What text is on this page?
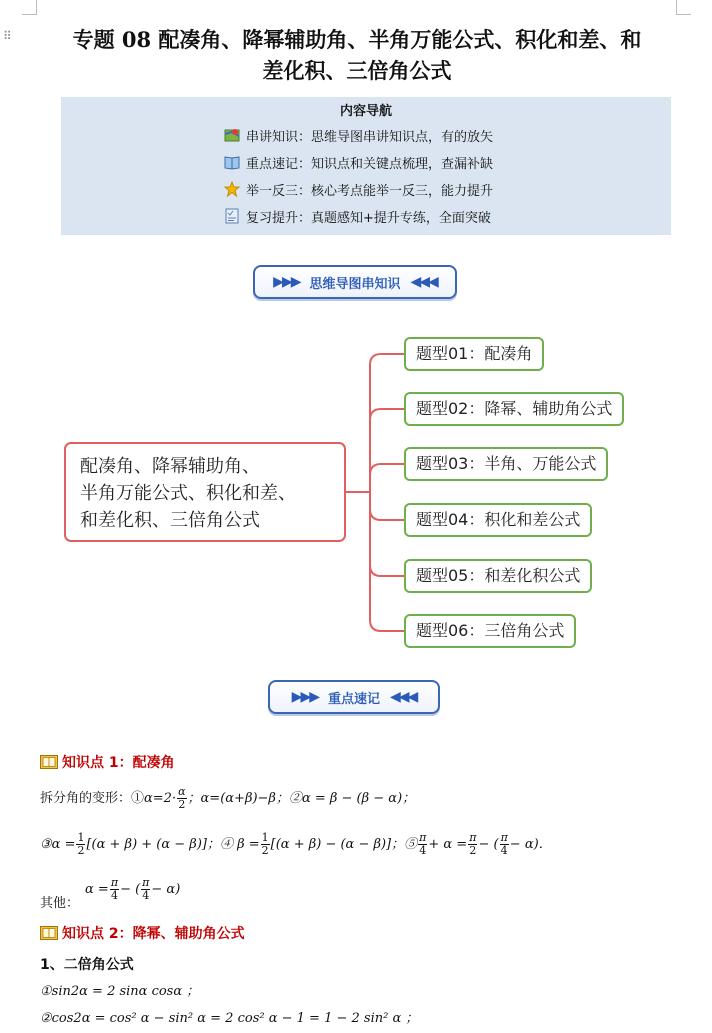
⠿	专题 08 配凑角、降幂辅助角、半角万能公式、积化和差、和
差化积、三倍角公式
内容导航
串讲知识：思维导图串讲知识点，有的放矢
重点速记：知识点和关键点梳理，查漏补缺
举一反三：核心考点能举一反三，能力提升
复习提升：真题感知+提升专练，全面突破
▶▶▶ 思维导图串知识 ◀◀◀
配凑角、降幂辅助角、
半角万能公式、积化和差、
和差化积、三倍角公式
题型01：配凑角
题型02：降幂、辅助角公式
题型03：半角、万能公式
题型04：积化和差公式
题型05：和差化积公式
题型06：三倍角公式
▶▶▶ 重点速记 ◀◀◀
知识点 1：配凑角
拆分角的变形：①α=2· $\frac{\alpha}{2}$ ；α=(α+β)−β；②α = β − (β − α)；
③α = $\frac{1}{2} [(\alpha + \beta) + (\alpha - \beta)]$；④ $\beta = \frac{1}{2} [(\alpha + \beta) - (\alpha - \beta)]$；⑤ $\frac{\pi}{4} + \alpha = \frac{\pi}{2}$ − ( $\frac{\pi}{4} - \alpha$)．
其他：$\alpha = \frac{\pi}{4}$ − ( $\frac{\pi}{4} - \alpha$)
知识点 2：降幂、辅助角公式
1、二倍角公式
①sin2α = 2 sinα cosα ；
②cos2α = cos² α − sin² α = 2 cos² α − 1 = 1 − 2 sin² α ；
